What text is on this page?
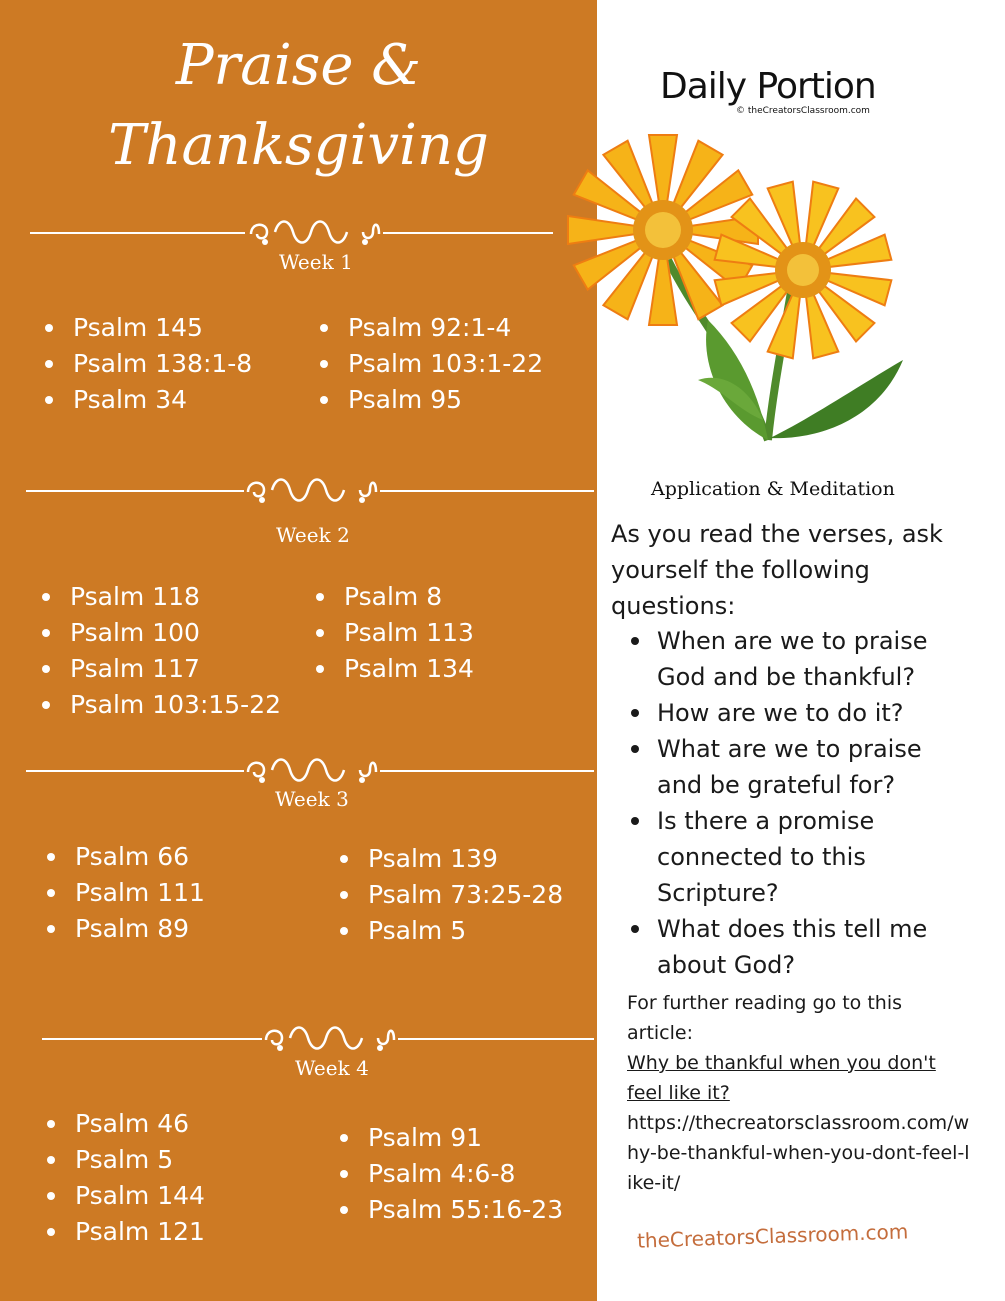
Praise &
Thanksgiving
Week 1
Psalm 145
Psalm 138:1-8
Psalm 34
Psalm 92:1-4
Psalm 103:1-22
Psalm 95
Week 2
Psalm 118
Psalm 100
Psalm 117
Psalm 103:15-22
Psalm 8
Psalm 113
Psalm 134
Week 3
Psalm 66
Psalm 111
Psalm 89
Psalm 139
Psalm 73:25-28
Psalm 5
Week 4
Psalm 46
Psalm 5
Psalm 144
Psalm 121
Psalm 91
Psalm 4:6-8
Psalm 55:16-23
Daily Portion
© theCreatorsClassroom.com
Application & Meditation
As you read the verses, ask yourself the following questions:
When are we to praise God and be thankful?
How are we to do it?
What are we to praise and be grateful for?
Is there a promise connected to this Scripture?
What does this tell me about God?
For further reading go to this article:
Why be thankful when you don't feel like it?
https://thecreatorsclassroom.com/why-be-thankful-when-you-dont-feel-like-it/
theCreatorsClassroom.com
